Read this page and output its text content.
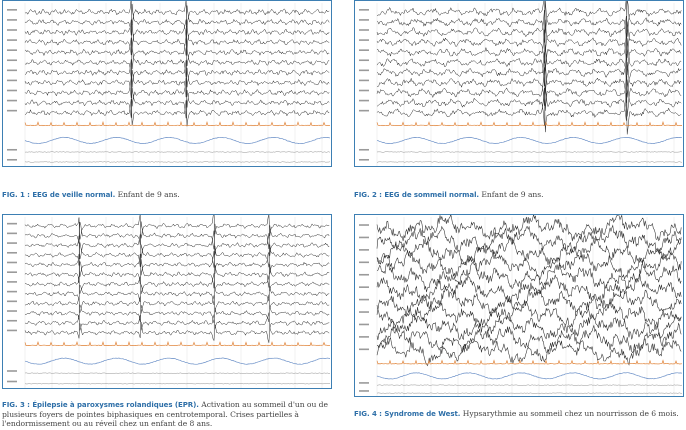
FIG. 1 : EEG de veille normal. Enfant de 9 ans.	FIG. 2 : EEG de sommeil normal. Enfant de 9 ans.
FIG. 3 : Épilepsie à paroxysmes rolandiques (EPR). Activation au sommeil d'un ou de plusieurs foyers de pointes biphasiques en centrotemporal. Crises partielles à l'endormissement ou au réveil chez un enfant de 8 ans.
FIG. 4 : Syndrome de West. Hypsarythmie au sommeil chez un nourrisson de 6 mois.
